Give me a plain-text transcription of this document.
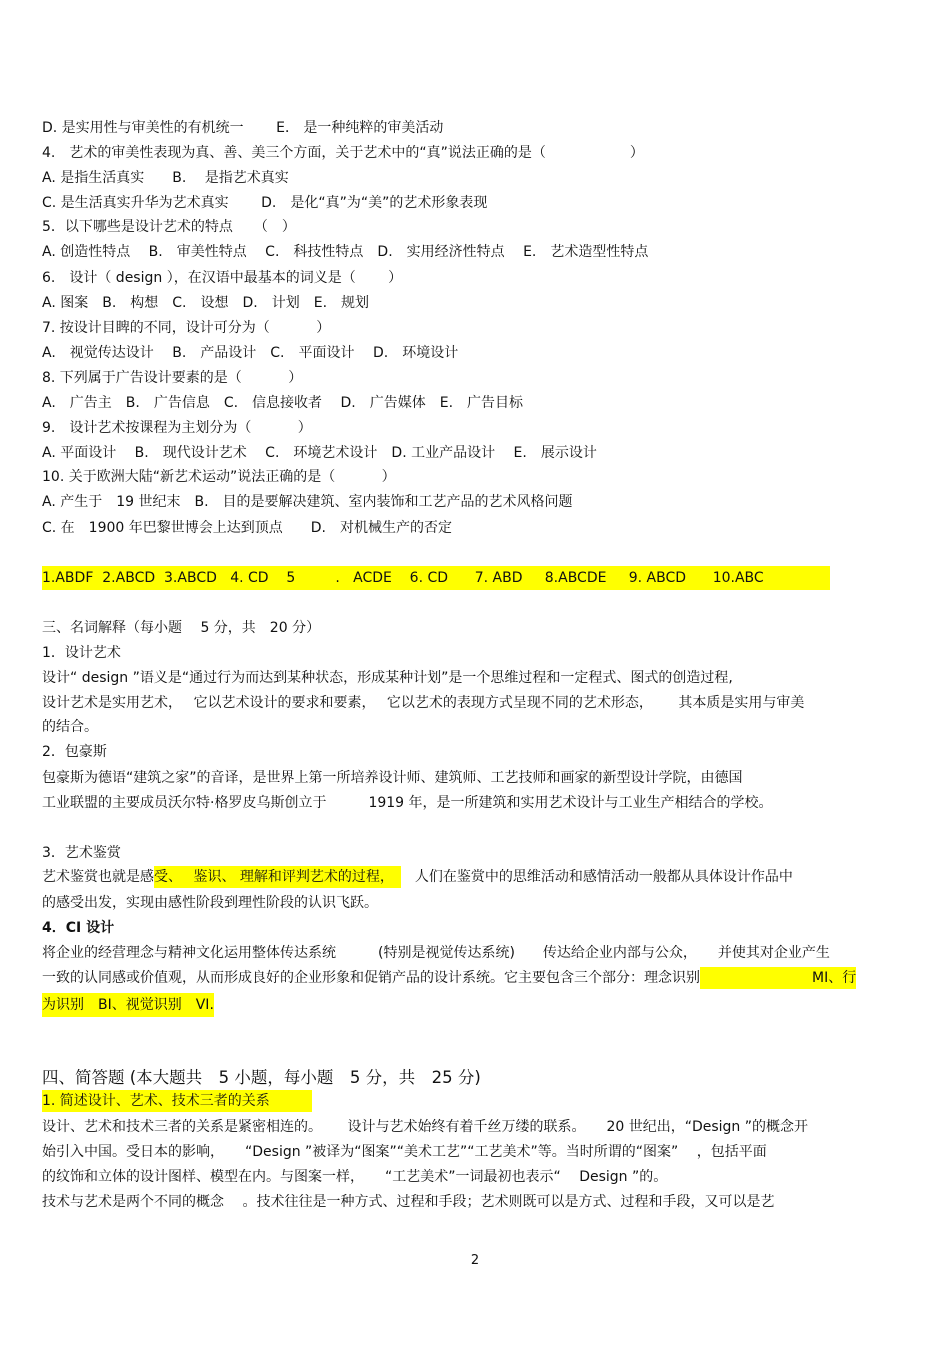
D. 是实用性与审美性的有机统一　　 E． 是一种纯粹的审美活动
4.　艺术的审美性表现为真、善、美三个方面，关于艺术中的“真”说法正确的是（　　　　　　）
A. 是指生活真实　　B.　 是指艺术真实
C. 是生活真实升华为艺术真实　　 D.　是化“真”为“美”的艺术形象表现
5．以下哪些是设计艺术的特点　　（　）
A. 创造性特点　 B.　审美性特点　 C.　科技性特点　D.　实用经济性特点　 E.　艺术造型性特点
6.　设计（ design ），在汉语中最基本的词义是（　　 ）
A. 图案　B.　构想　C.　设想　D.　计划　E.　规划
7. 按设计目睥的不同，设计可分为（　　　 ）
A.　视觉传达设计　 B.　产品设计　C.　平面设计　 D.　环境设计
8. 下列属于广告设计要素的是（　　　 ）
A.　广告主　B.　广告信息　C.　信息接收者　 D.　广告媒体　E.　广告目标
9.　设计艺术按课程为主划分为（　　　 ）
A. 平面设计　 B.　现代设计艺术　 C.　环境艺术设计　D. 工业产品设计　 E.　展示设计
10. 关于欧洲大陆“新艺术运动”说法正确的是（　　　 ）
A. 产生于　19 世纪末　B.　目的是要解决建筑、室内装饰和工艺产品的艺术风格问题
C. 在　1900 年巴黎世博会上达到顶点　　D.　对机械生产的否定
1.ABDF  2.ABCD  3.ABCD   4. CD    5         .   ACDE    6. CD      7. ABD     8.ABCDE     9. ABCD      10.ABC
三、名词解释（每小题　 5 分，共　20 分）
1．设计艺术
设计“ design ”语义是“通过行为而达到某种状态，形成某种计划”是一个思维过程和一定程式、图式的创造过程,
设计艺术是实用艺术，　 它以艺术设计的要求和要素，　 它以艺术的表现方式呈现不同的艺术形态，　　 其本质是实用与审美
的结合。
2．包豪斯
包豪斯为德语“建筑之家”的音译，是世界上第一所培养设计师、建筑师、工艺技师和画家的新型设计学院，由德国
工业联盟的主要成员沃尔特·格罗皮乌斯创立于　　　1919 年，是一所建筑和实用艺术设计与工业生产相结合的学校。
3．艺术鉴赏
艺术鉴赏也就是感受、　 鉴识、 理解和评判艺术的过程，　人们在鉴赏中的思维活动和感情活动一般都从具体设计作品中
的感受出发，实现由感性阶段到理性阶段的认识飞跃。
4．CI 设计
将企业的经营理念与精神文化运用整体传达系统　　　(特别是视觉传达系统)　　传达给企业内部与公众，　　并使其对企业产生
一致的认同感或价值观，从而形成良好的企业形象和促销产品的设计系统。它主要包含三个部分：理念识别　　　　　　　　MI、行
为识别　BI、视觉识别　VI.
四、简答题 (本大题共　5 小题，每小题　5 分，共　25 分)
1. 简述设计、艺术、技术三者的关系　　　
设计、艺术和技术三者的关系是紧密相连的。　　 设计与艺术始终有着千丝万缕的联系。　　20 世纪出，“Design ”的概念开
始引入中国。受日本的影响，　　“Design ”被译为“图案”“美术工艺”“工艺美术”等。当时所谓的“图案”　 ，包括平面
的纹饰和立体的设计图样、模型在内。与图案一样，　　“工艺美术”一词最初也表示“　 Design ”的。
技术与艺术是两个不同的概念　 。技术往往是一种方式、过程和手段；艺术则既可以是方式、过程和手段，又可以是艺
2
